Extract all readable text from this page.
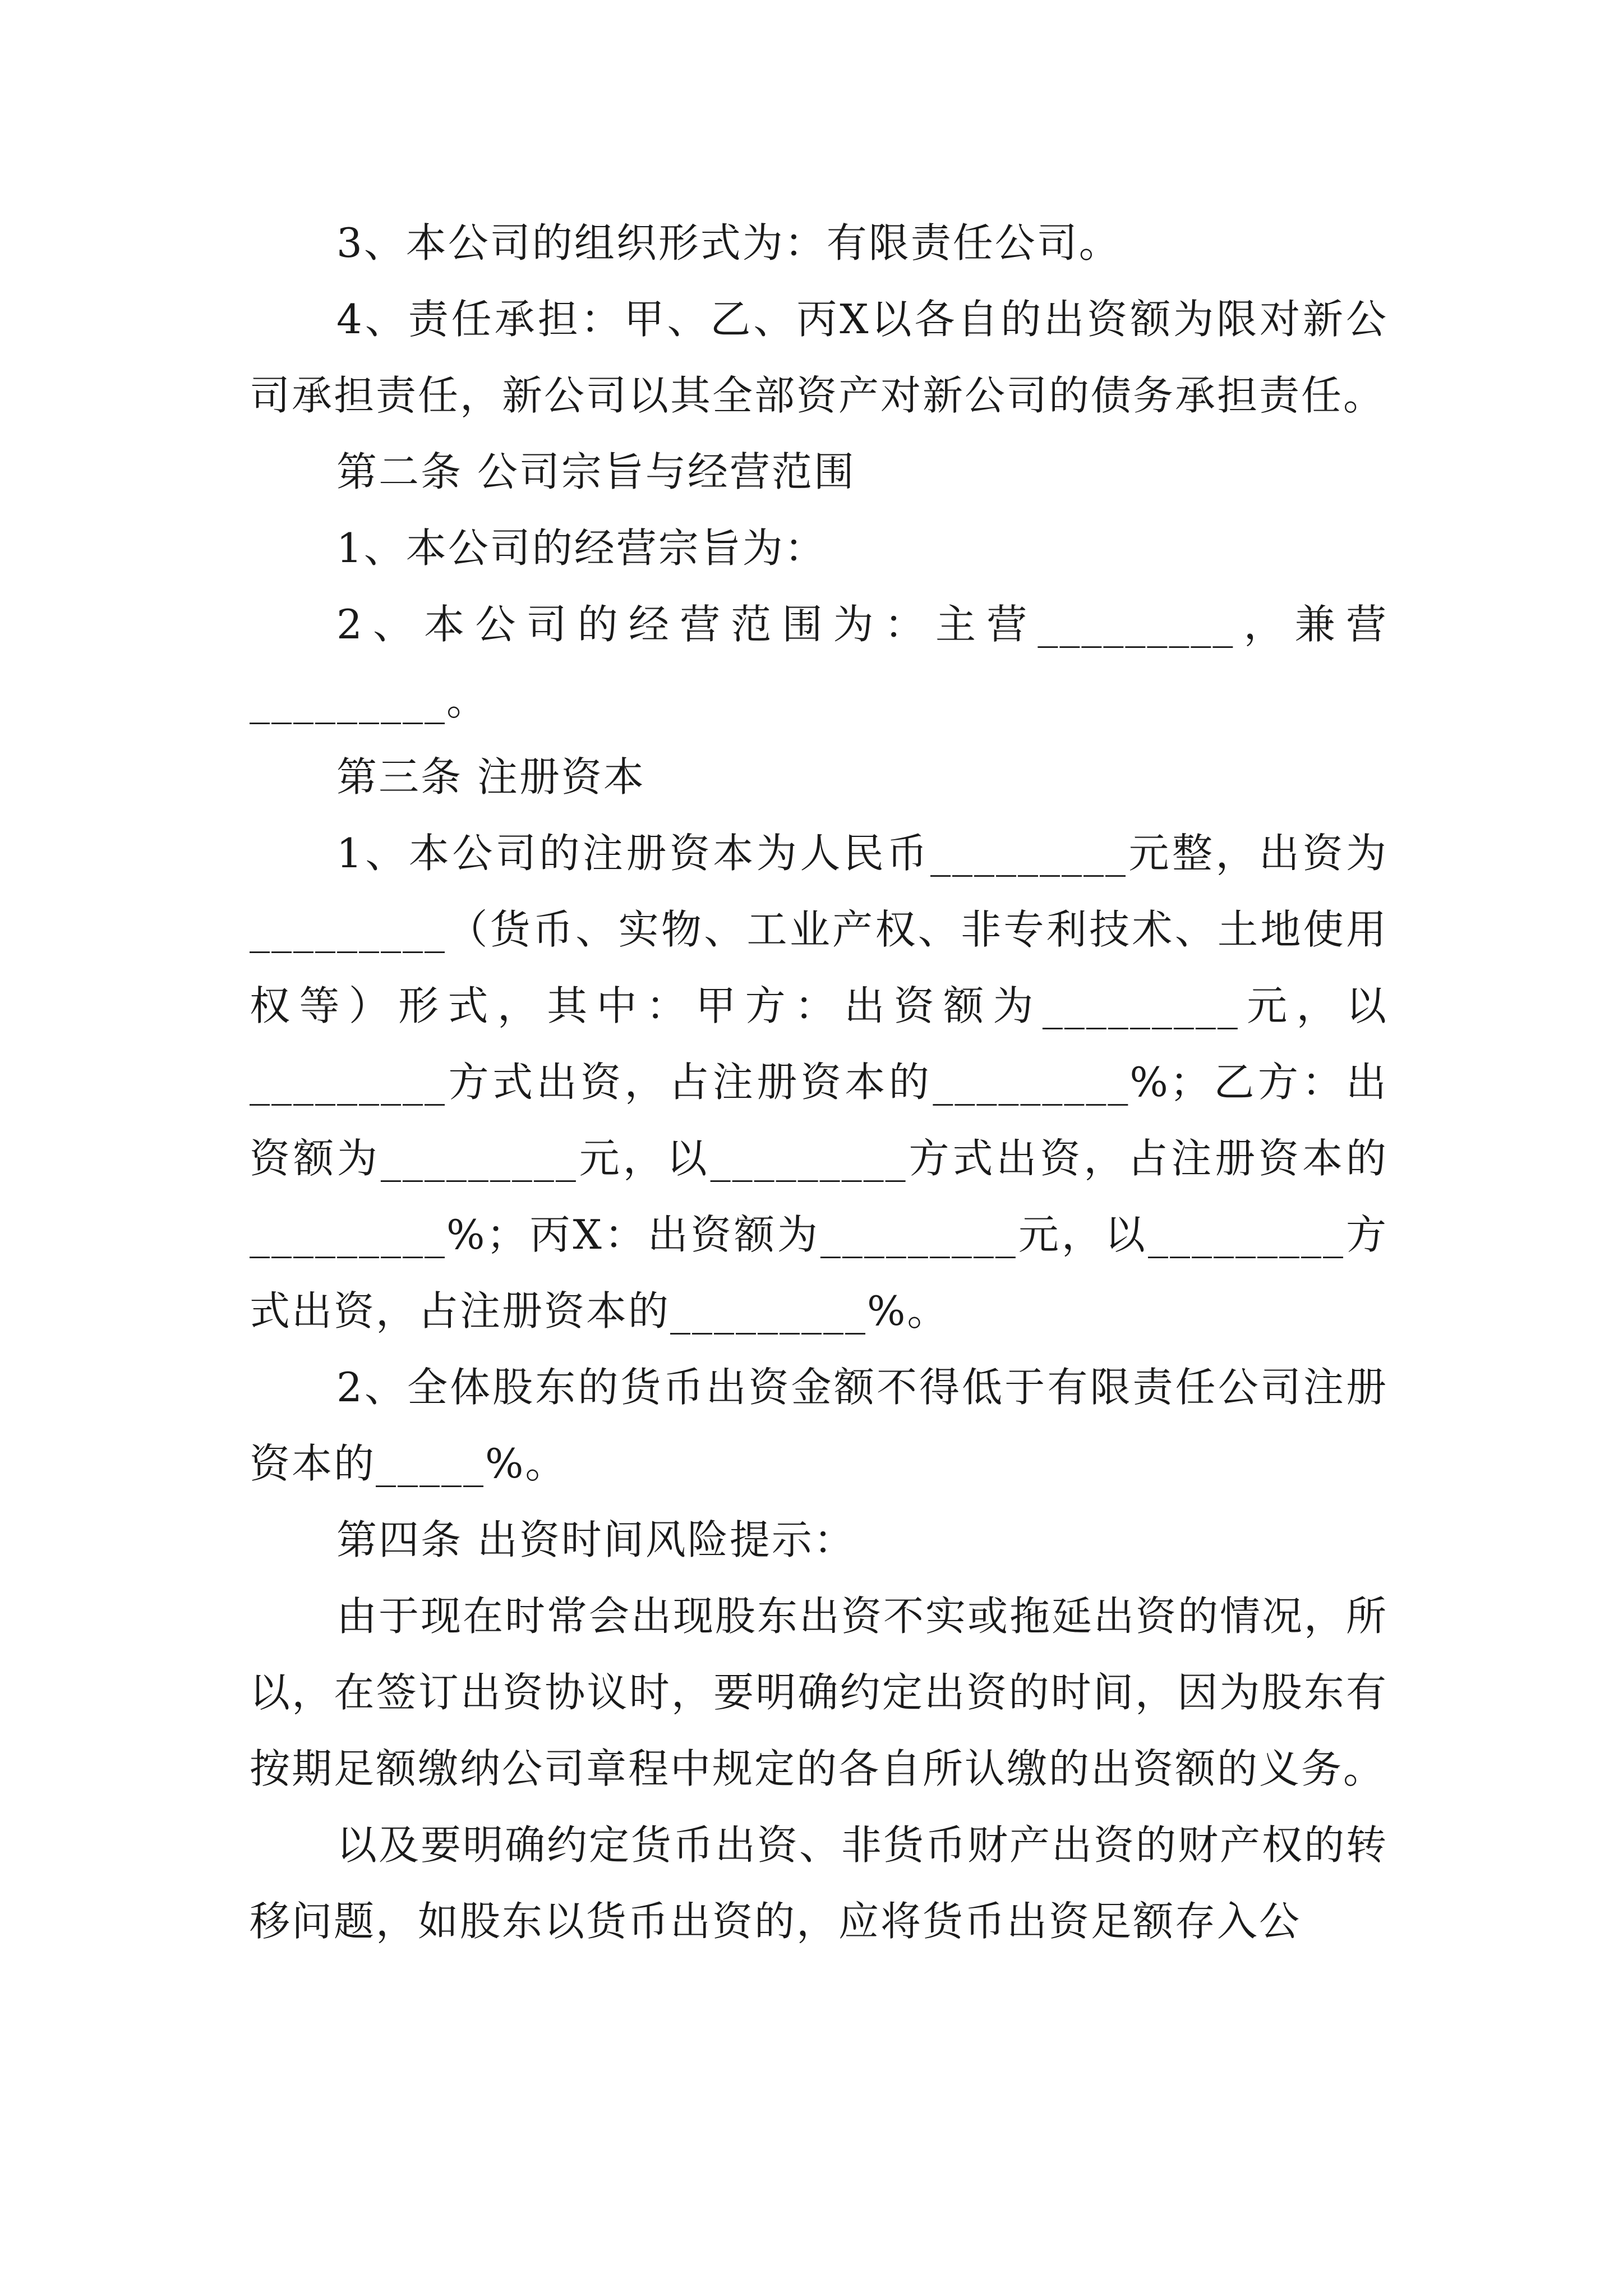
3、本公司的组织形式为：有限责任公司。

4、责任承担：甲、乙、丙X以各自的出资额为限对新公司承担责任，新公司以其全部资产对新公司的债务承担责任。

第二条 公司宗旨与经营范围

1、本公司的经营宗旨为：

2、本公司的经营范围为：主营_________，兼营_________。

第三条 注册资本

1、本公司的注册资本为人民币_________元整，出资为_________（货币、实物、工业产权、非专利技术、土地使用权等）形式，其中：甲方：出资额为_________元，以_________方式出资，占注册资本的_________%；乙方：出资额为_________元，以_________方式出资，占注册资本的_________%；丙X：出资额为_________元，以_________方式出资，占注册资本的_________%。

2、全体股东的货币出资金额不得低于有限责任公司注册资本的_____%。

第四条 出资时间风险提示：

由于现在时常会出现股东出资不实或拖延出资的情况，所以，在签订出资协议时，要明确约定出资的时间，因为股东有按期足额缴纳公司章程中规定的各自所认缴的出资额的义务。

以及要明确约定货币出资、非货币财产出资的财产权的转移问题，如股东以货币出资的，应将货币出资足额存入公
